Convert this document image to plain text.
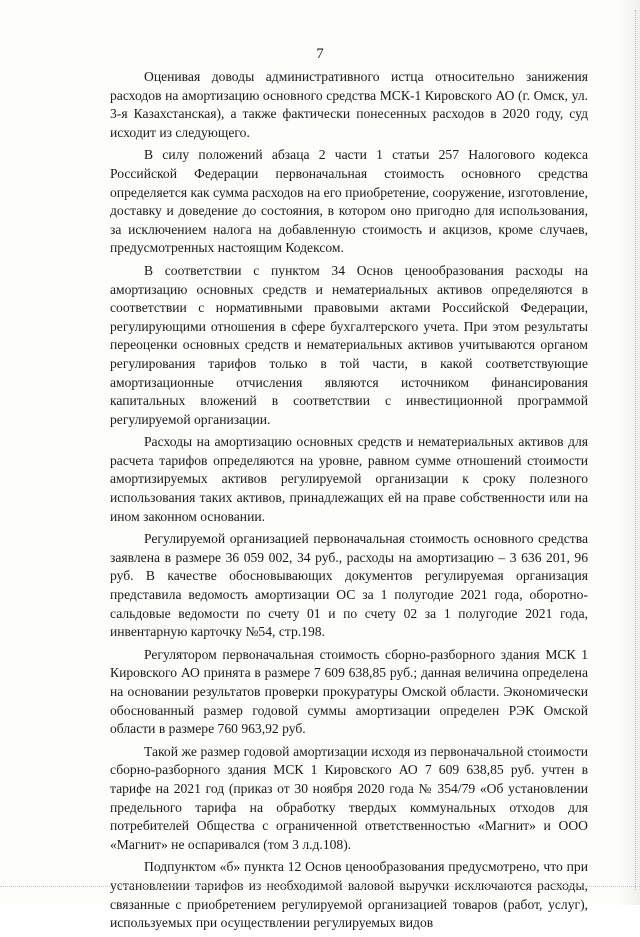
7

Оценивая доводы административного истца относительно занижения расходов на амортизацию основного средства МСК-1 Кировского АО (г. Омск, ул. 3-я Казахстанская), а также фактически понесенных расходов в 2020 году, суд исходит из следующего.

В силу положений абзаца 2 части 1 статьи 257 Налогового кодекса Российской Федерации первоначальная стоимость основного средства определяется как сумма расходов на его приобретение, сооружение, изготовление, доставку и доведение до состояния, в котором оно пригодно для использования, за исключением налога на добавленную стоимость и акцизов, кроме случаев, предусмотренных настоящим Кодексом.

В соответствии с пунктом 34 Основ ценообразования расходы на амортизацию основных средств и нематериальных активов определяются в соответствии с нормативными правовыми актами Российской Федерации, регулирующими отношения в сфере бухгалтерского учета. При этом результаты переоценки основных средств и нематериальных активов учитываются органом регулирования тарифов только в той части, в какой соответствующие амортизационные отчисления являются источником финансирования капитальных вложений в соответствии с инвестиционной программой регулируемой организации.

Расходы на амортизацию основных средств и нематериальных активов для расчета тарифов определяются на уровне, равном сумме отношений стоимости амортизируемых активов регулируемой организации к сроку полезного использования таких активов, принадлежащих ей на праве собственности или на ином законном основании.

Регулируемой организацией первоначальная стоимость основного средства заявлена в размере 36 059 002, 34 руб., расходы на амортизацию – 3 636 201, 96 руб. В качестве обосновывающих документов регулируемая организация представила ведомость амортизации ОС за 1 полугодие 2021 года, оборотно-сальдовые ведомости по счету 01 и по счету 02 за 1 полугодие 2021 года, инвентарную карточку №54, стр.198.

Регулятором первоначальная стоимость сборно-разборного здания МСК 1 Кировского АО принята в размере 7 609 638,85 руб.; данная величина определена на основании результатов проверки прокуратуры Омской области. Экономически обоснованный размер годовой суммы амортизации определен РЭК Омской области в размере 760 963,92 руб.

Такой же размер годовой амортизации исходя из первоначальной стоимости сборно-разборного здания МСК 1 Кировского АО 7 609 638,85 руб. учтен в тарифе на 2021 год (приказ от 30 ноября 2020 года № 354/79 «Об установлении предельного тарифа на обработку твердых коммунальных отходов для потребителей Общества с ограниченной ответственностью «Магнит» и ООО «Магнит» не оспаривался (том 3 л.д.108).

Подпунктом «б» пункта 12 Основ ценообразования предусмотрено, что при установлении тарифов из необходимой валовой выручки исключаются расходы, связанные с приобретением регулируемой организацией товаров (работ, услуг), используемых при осуществлении регулируемых видов
